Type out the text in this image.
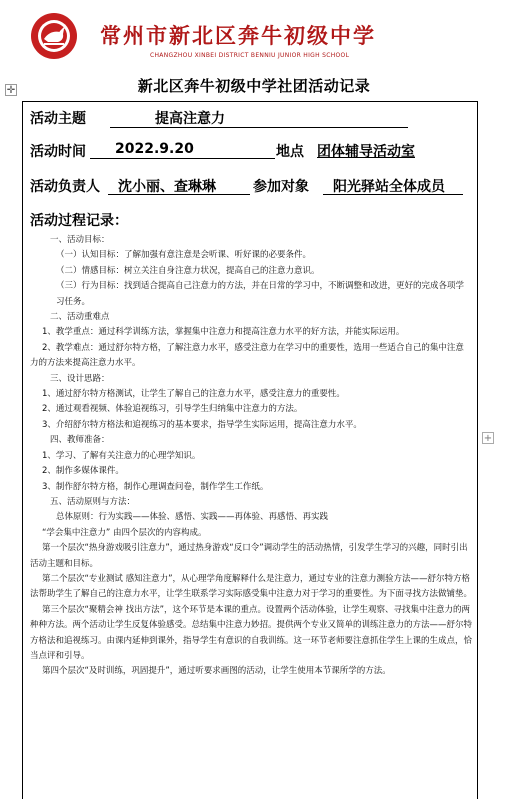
常州市新北区奔牛初级中学
CHANGZHOU XINBEI DISTRICT BENNIU JUNIOR HIGH SCHOOL
✛
+
新北区奔牛初级中学社团活动记录
活动主题	提高注意力
活动时间 2022.9.20	地点 团体辅导活动室
活动负责人 沈小丽、查琳琳	参加对象 阳光驿站全体成员
活动过程记录：

一、活动目标：

（一）认知目标：了解加强有意注意是会听课、听好课的必要条件。

（二）情感目标：树立关注自身注意力状况，提高自己的注意力意识。

（三）行为目标：找到适合提高自己注意力的方法，并在日常的学习中，不断调整和改进，更好的完成各项学习任务。

二、活动重难点

1、教学重点：通过科学训练方法，掌握集中注意力和提高注意力水平的好方法，并能实际运用。

2、教学难点：通过舒尔特方格，了解注意力水平，感受注意力在学习中的重要性，选用一些适合自己的集中注意力的方法来提高注意力水平。

三、设计思路：

1、通过舒尔特方格测试，让学生了解自己的注意力水平，感受注意力的重要性。

2、通过观看视频、体验追视练习，引导学生归纳集中注意力的方法。

3、介绍舒尔特方格法和追视练习的基本要求，指导学生实际运用，提高注意力水平。

四、教师准备：

1、学习、了解有关注意力的心理学知识。

2、制作多媒体课件。

3、制作舒尔特方格，制作心理调查问卷，制作学生工作纸。

五、活动原则与方法：

总体原则：行为实践——体验、感悟、实践——再体验、再感悟、再实践

“学会集中注意力” 由四个层次的内容构成。

第一个层次“热身游戏吸引注意力”，通过热身游戏“反口令”调动学生的活动热情，引发学生学习的兴趣，同时引出活动主题和目标。

第二个层次“专业测试 感知注意力”，从心理学角度解释什么是注意力，通过专业的注意力测验方法——舒尔特方格法帮助学生了解自己的注意力水平，让学生联系学习实际感受集中注意力对于学习的重要性。为下面寻找方法做铺垫。

第三个层次“聚精会神 找出方法”，这个环节是本课的重点。设置两个活动体验，让学生观察、寻找集中注意力的两种种方法。两个活动让学生反复体验感受。总结集中注意力妙招。提供两个专业又简单的训练注意力的方法——舒尔特方格法和追视练习。由课内延伸到课外，指导学生有意识的自我训练。这一环节老师要注意抓住学生上课的生成点，恰当点评和引导。

第四个层次“及时训练，巩固提升”，通过听要求画图的活动，让学生使用本节课所学的方法。
